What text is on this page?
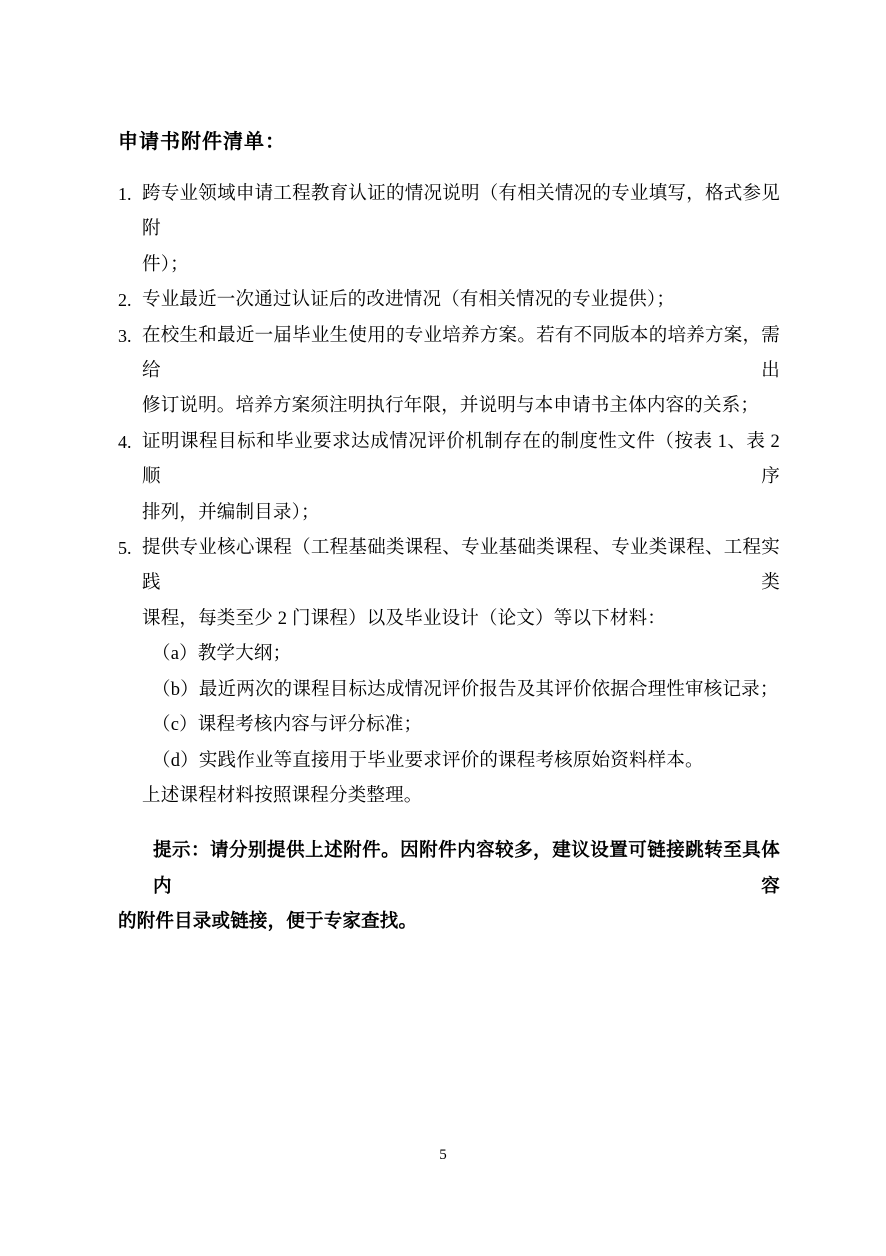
申请书附件清单：
1. 跨专业领域申请工程教育认证的情况说明（有相关情况的专业填写，格式参见附
件）；
2. 专业最近一次通过认证后的改进情况（有相关情况的专业提供）；
3. 在校生和最近一届毕业生使用的专业培养方案。若有不同版本的培养方案，需给出
修订说明。培养方案须注明执行年限，并说明与本申请书主体内容的关系；
4. 证明课程目标和毕业要求达成情况评价机制存在的制度性文件（按表 1、表 2 顺序
排列，并编制目录）；
5. 提供专业核心课程（工程基础类课程、专业基础类课程、专业类课程、工程实践类
课程，每类至少 2 门课程）以及毕业设计（论文）等以下材料：
（a）教学大纲；
（b）最近两次的课程目标达成情况评价报告及其评价依据合理性审核记录；
（c）课程考核内容与评分标准；
（d）实践作业等直接用于毕业要求评价的课程考核原始资料样本。
上述课程材料按照课程分类整理。
提示：请分别提供上述附件。因附件内容较多，建议设置可链接跳转至具体内容
的附件目录或链接，便于专家查找。
5
